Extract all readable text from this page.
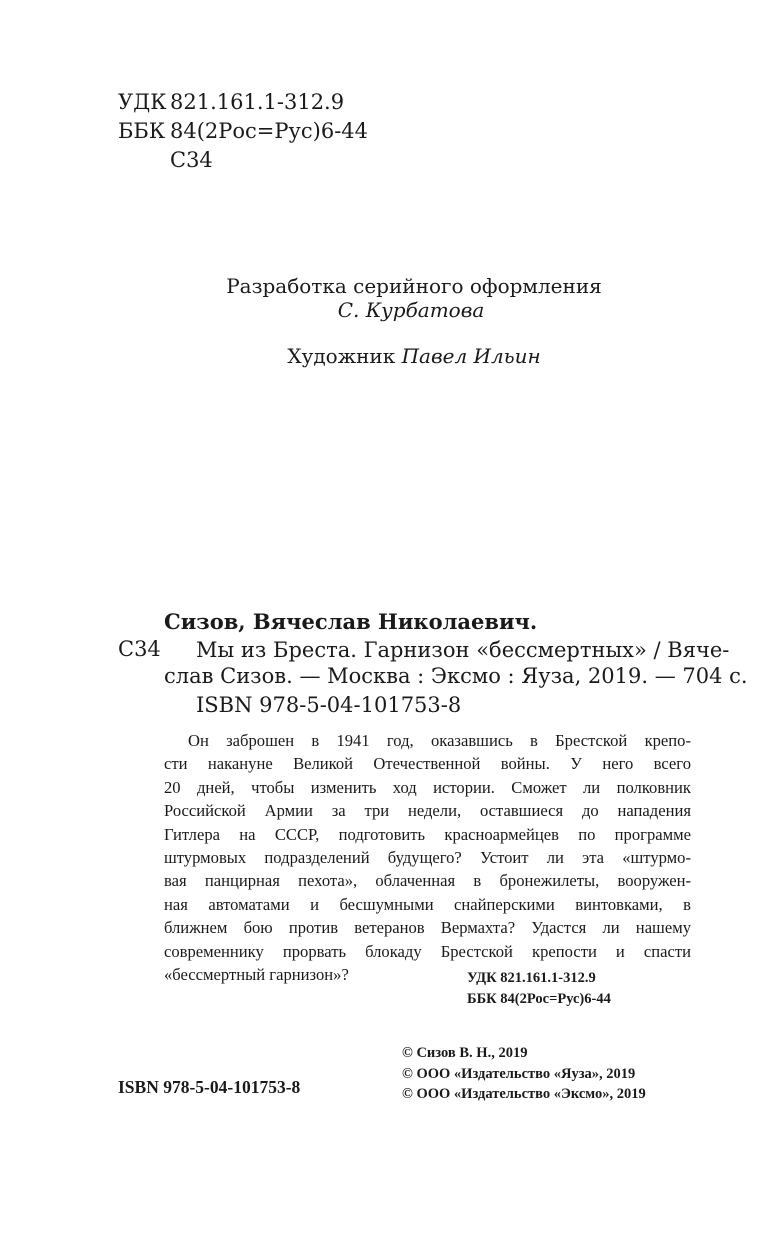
УДК 821.161.1-312.9
ББК 84(2Рос=Рус)6-44
С34
Разработка серийного оформления
С. Курбатова
Художник Павел Ильин
Сизов, Вячеслав Николаевич.
С34	Мы из Бреста. Гарнизон «бессмертных» / Вяче-
слав Сизов. — Москва : Эксмо : Яуза, 2019. — 704 с.
ISBN 978-5-04-101753-8
Он заброшен в 1941 год, оказавшись в Брестской крепо-
сти накануне Великой Отечественной войны. У него всего
20 дней, чтобы изменить ход истории. Сможет ли полковник
Российской Армии за три недели, оставшиеся до нападения
Гитлера на СССР, подготовить красноармейцев по программе
штурмовых подразделений будущего? Устоит ли эта «штурмо-
вая панцирная пехота», облаченная в бронежилеты, вооружен-
ная автоматами и бесшумными снайперскими винтовками, в
ближнем бою против ветеранов Вермахта? Удастся ли нашему
современнику прорвать блокаду Брестской крепости и спасти
«бессмертный гарнизон»?	УДК 821.161.1-312.9
ББК 84(2Рос=Рус)6-44
© Сизов В. Н., 2019
© ООО «Издательство «Яуза», 2019
© ООО «Издательство «Эксмо», 2019
ISBN 978-5-04-101753-8
